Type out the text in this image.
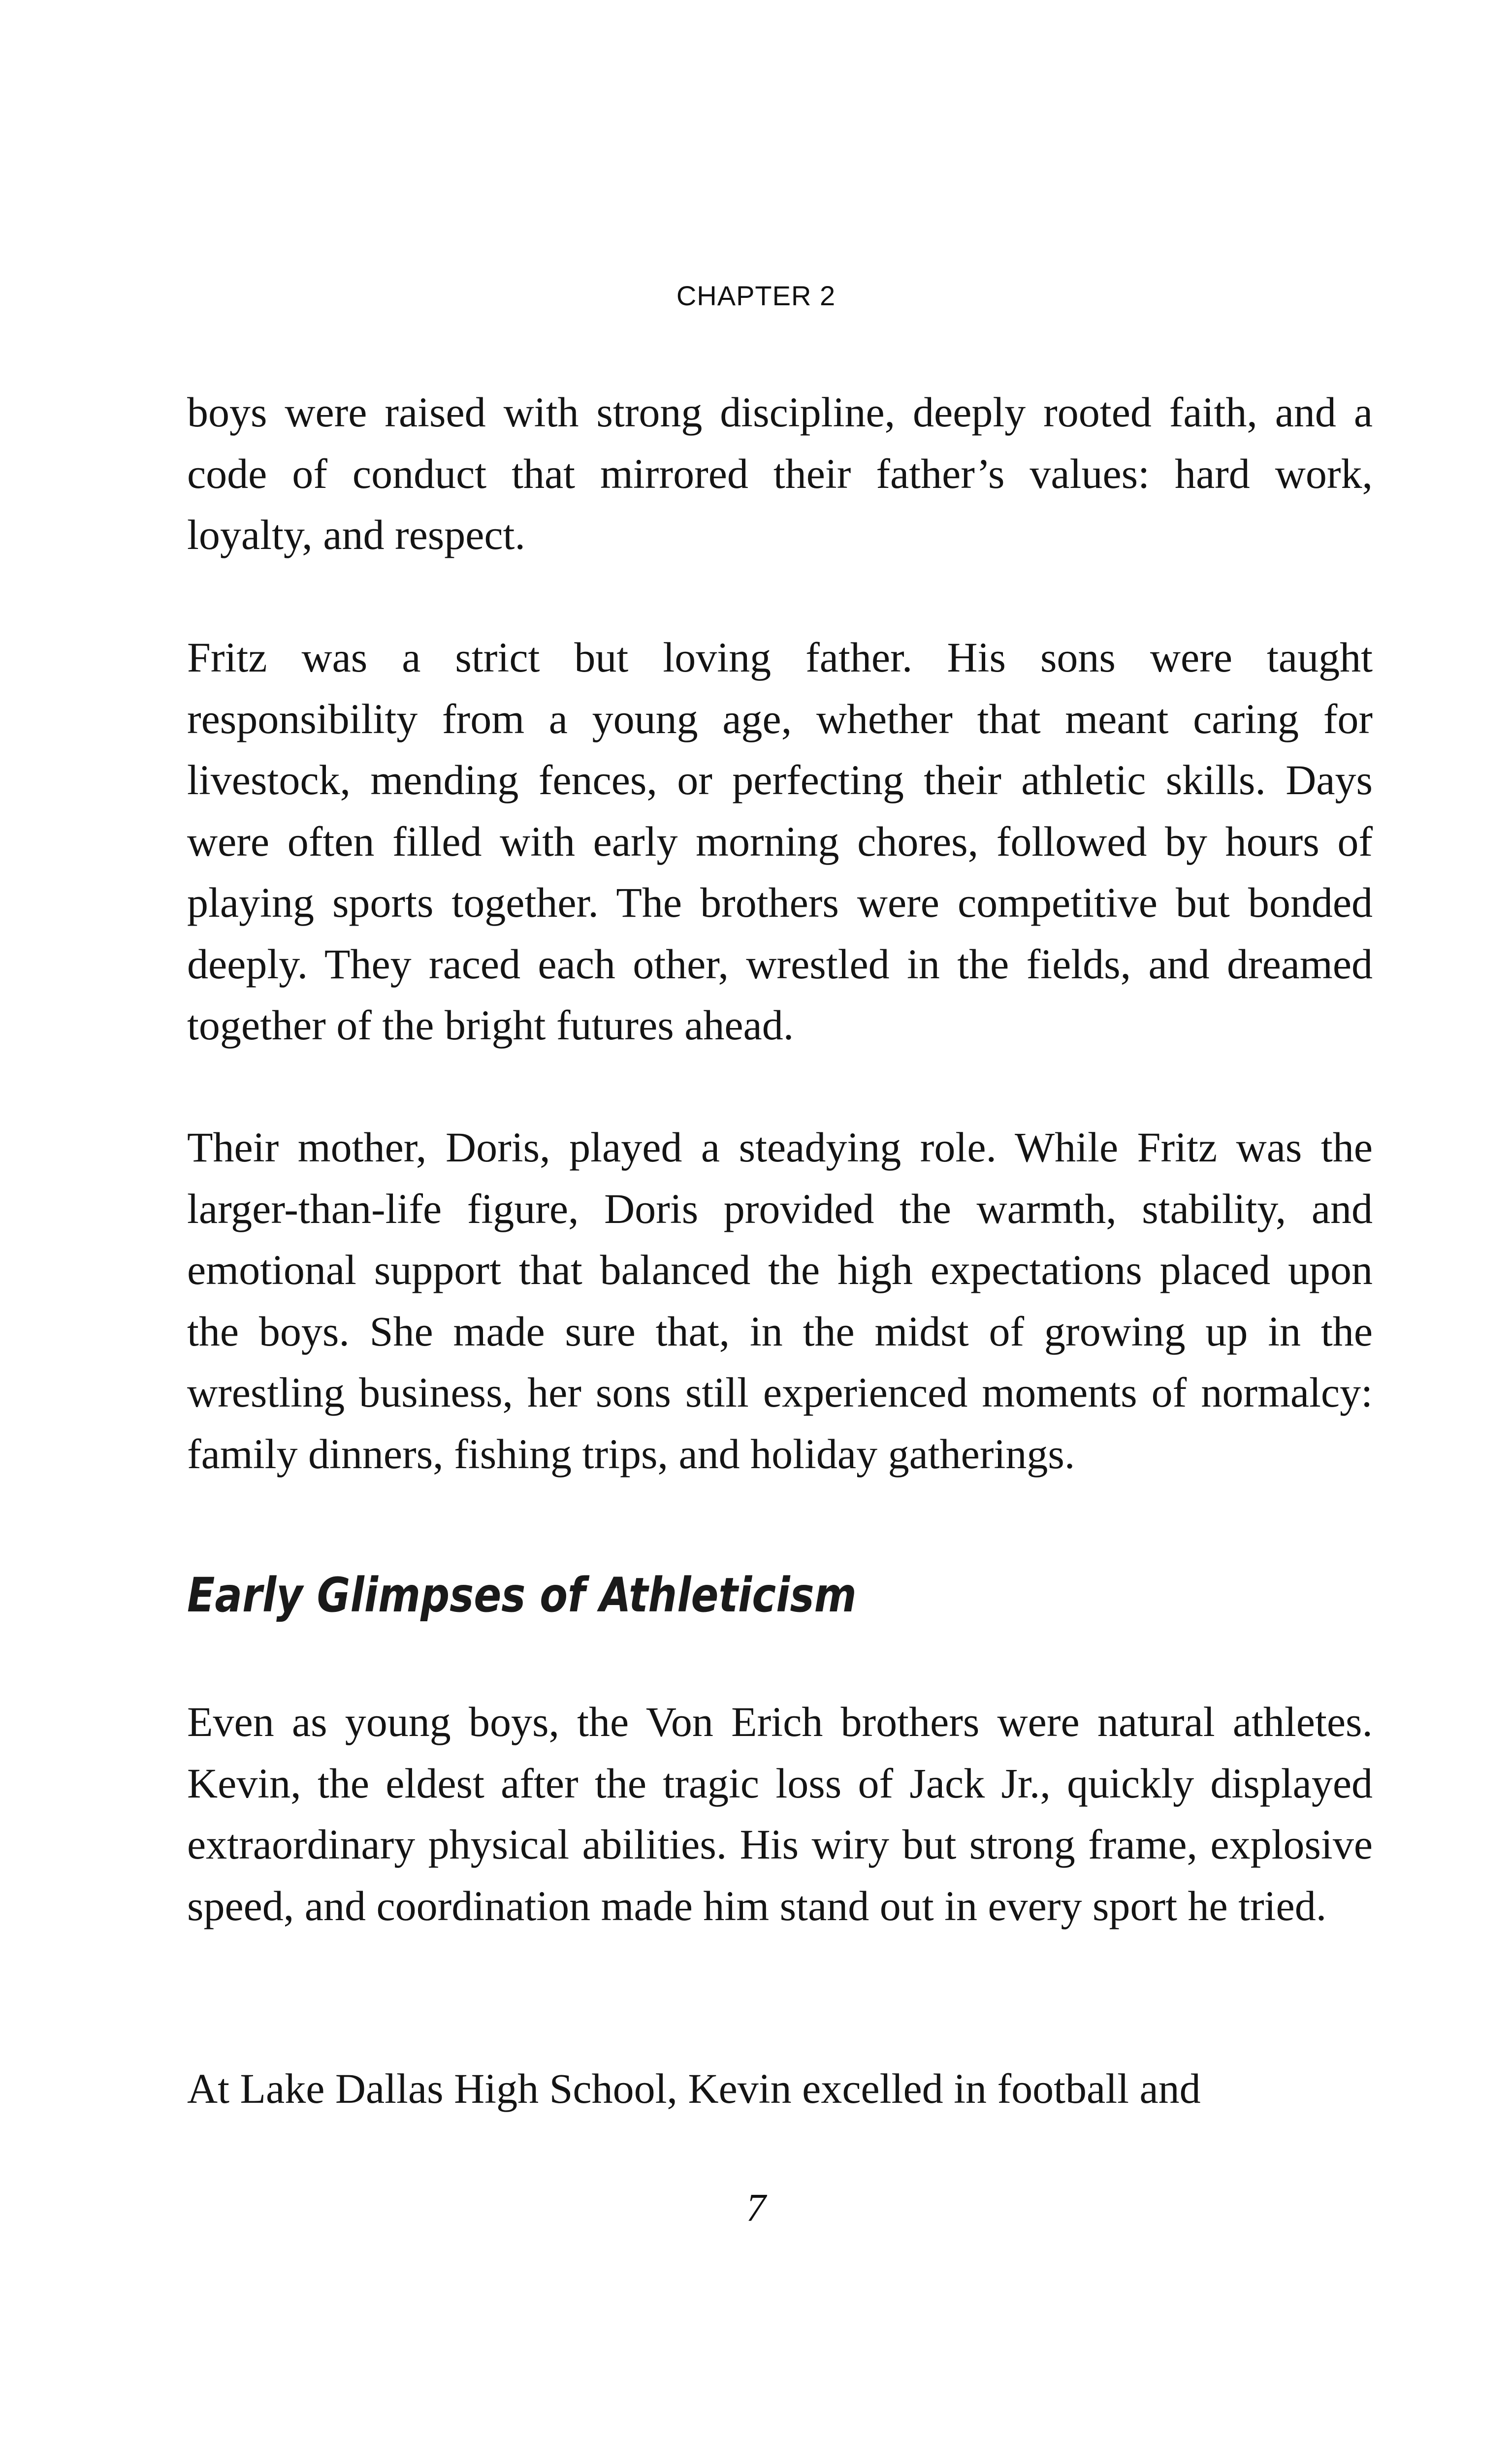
CHAPTER 2

boys were raised with strong discipline, deeply rooted faith, and a code of conduct that mirrored their father’s values: hard work, loyalty, and respect.

Fritz was a strict but loving father. His sons were taught responsibility from a young age, whether that meant caring for livestock, mending fences, or perfecting their athletic skills. Days were often filled with early morning chores, followed by hours of playing sports together. The brothers were competitive but bonded deeply. They raced each other, wrestled in the fields, and dreamed together of the bright futures ahead.

Their mother, Doris, played a steadying role. While Fritz was the larger-than-life figure, Doris provided the warmth, stability, and emotional support that balanced the high expectations placed upon the boys. She made sure that, in the midst of growing up in the wrestling business, her sons still experienced moments of normalcy: family dinners, fishing trips, and holiday gatherings.

Early Glimpses of Athleticism

Even as young boys, the Von Erich brothers were natural athletes. Kevin, the eldest after the tragic loss of Jack Jr., quickly displayed extraordinary physical abilities. His wiry but strong frame, explosive speed, and coordination made him stand out in every sport he tried.

At Lake Dallas High School, Kevin excelled in football and

7
